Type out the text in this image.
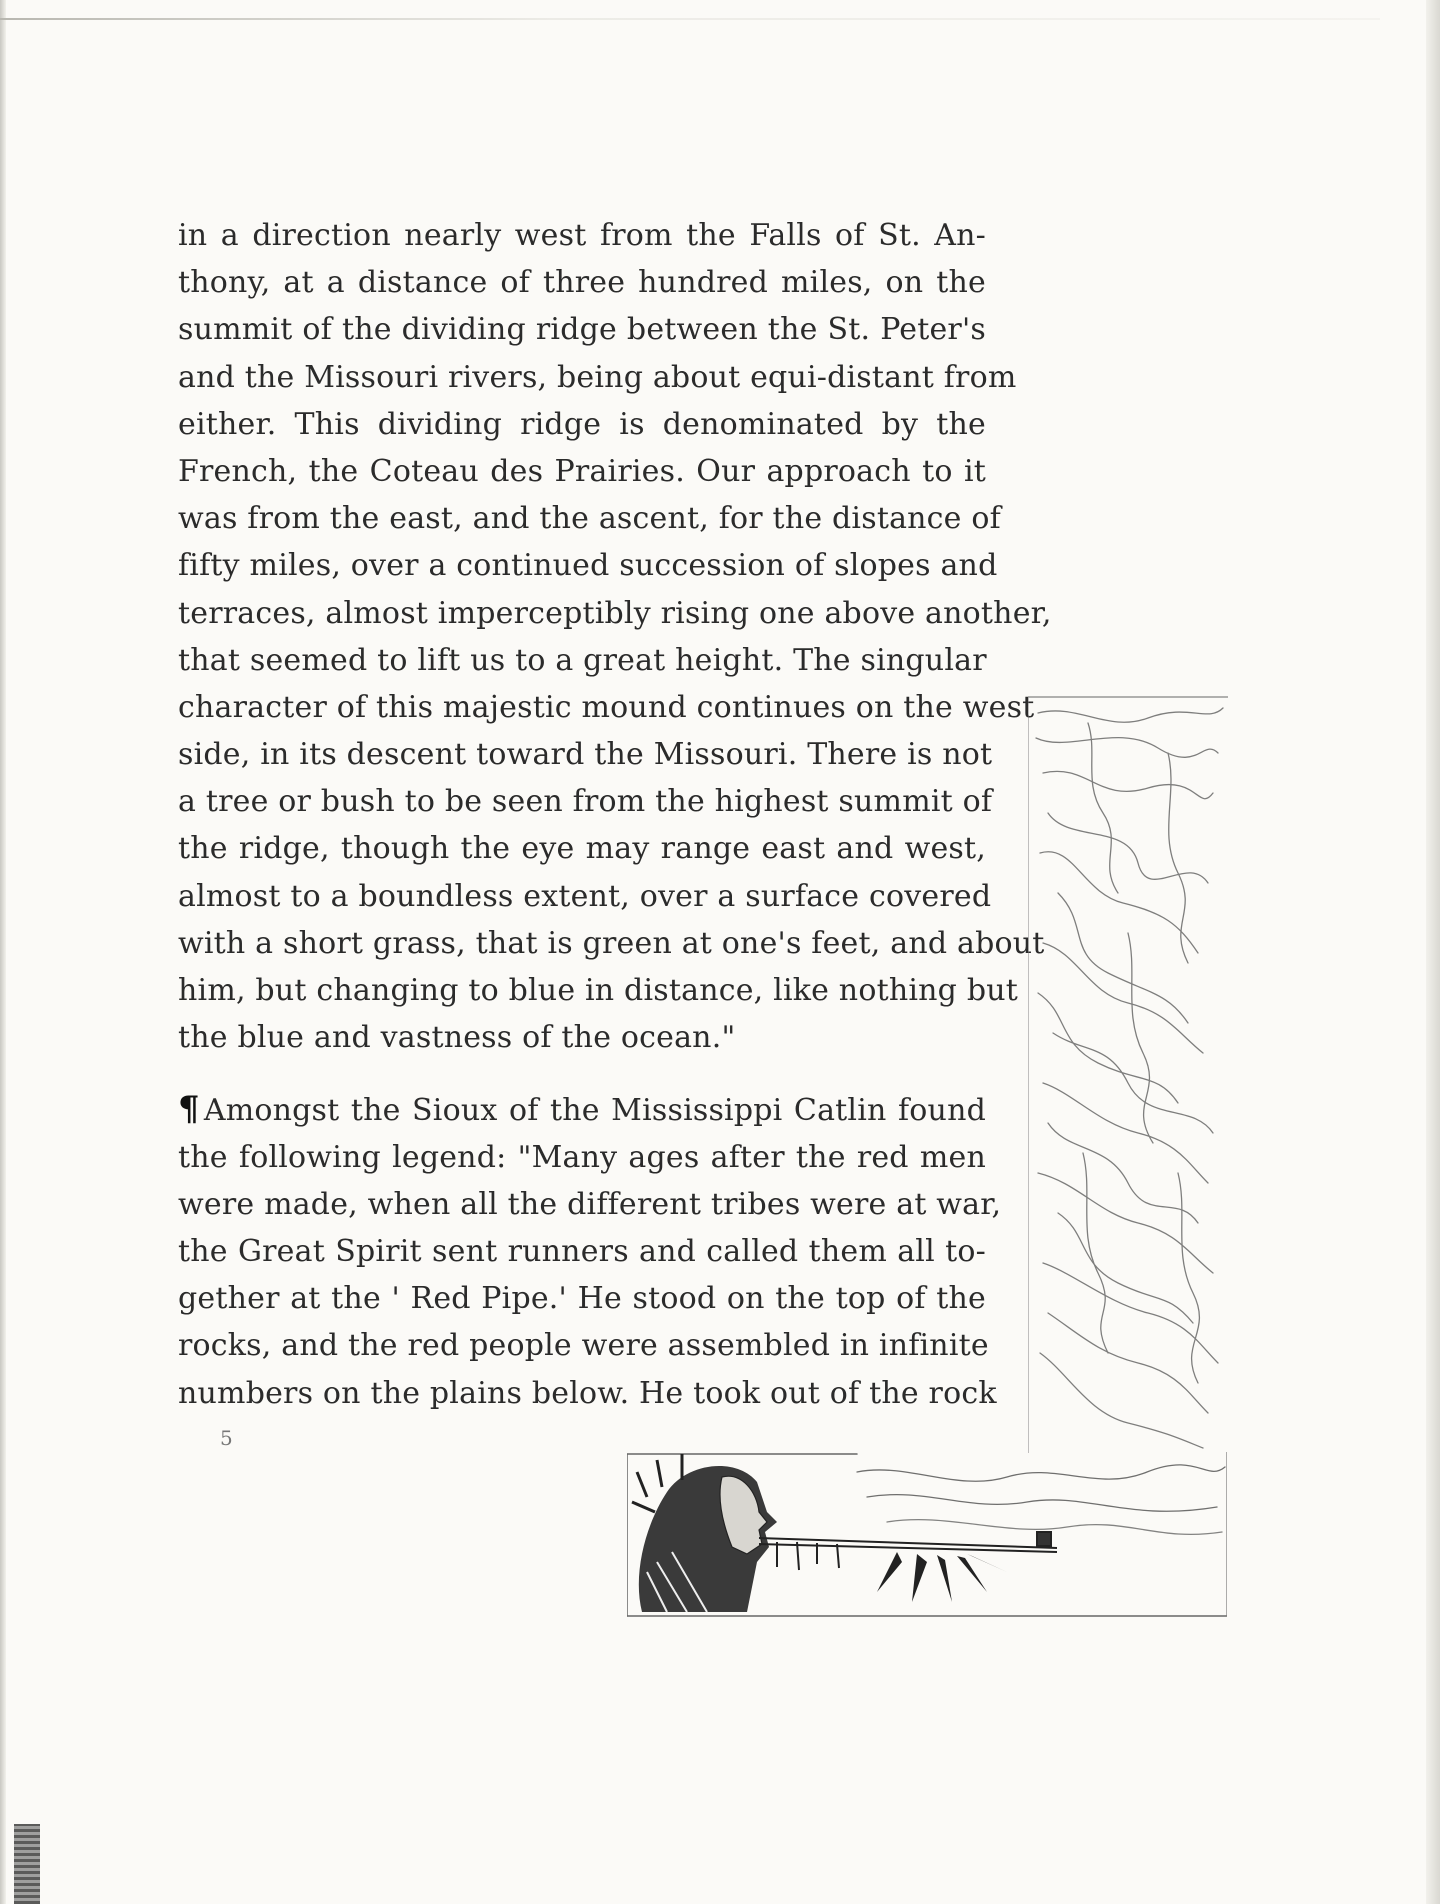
in a direction nearly west from the Falls of St. An-
thony, at a distance of three hundred miles, on the
summit of the dividing ridge between the St. Peter's
and the Missouri rivers, being about equi-distant from
either. This dividing ridge is denominated by the
French, the Coteau des Prairies. Our approach to it
was from the east, and the ascent, for the distance of
fifty miles, over a continued succession of slopes and
terraces, almost imperceptibly rising one above another,
that seemed to lift us to a great height. The singular
character of this majestic mound continues on the west
side, in its descent toward the Missouri. There is not
a tree or bush to be seen from the highest summit of
the ridge, though the eye may range east and west,
almost to a boundless extent, over a surface covered
with a short grass, that is green at one's feet, and about
him, but changing to blue in distance, like nothing but
the blue and vastness of the ocean."
¶ Amongst the Sioux of the Mississippi Catlin found
the following legend: "Many ages after the red men
were made, when all the different tribes were at war,
the Great Spirit sent runners and called them all to-
gether at the ' Red Pipe.' He stood on the top of the
rocks, and the red people were assembled in infinite
numbers on the plains below. He took out of the rock
5
